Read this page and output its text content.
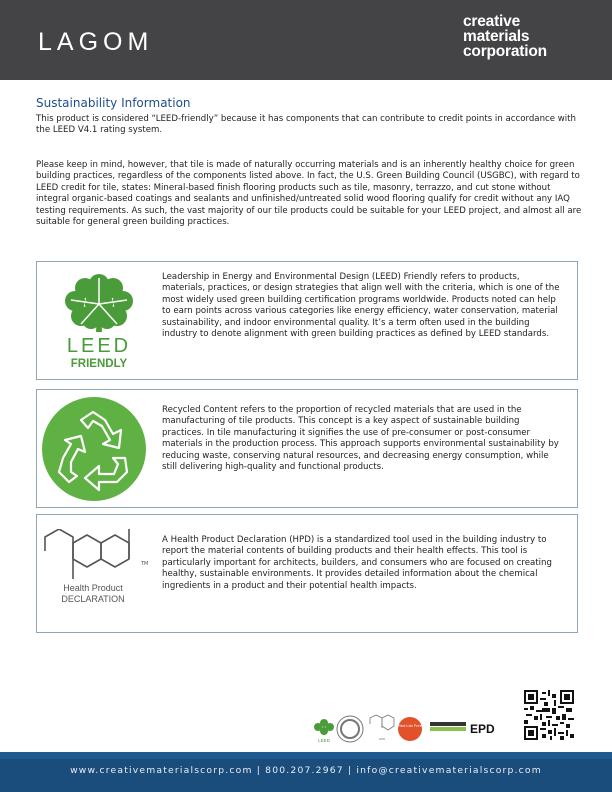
LAGOM
creative
materials
corporation
Sustainability Information
This product is considered “LEED-friendly” because it has components that can contribute to credit points in accordance with the LEED V4.1 rating system.
Please keep in mind, however, that tile is made of naturally occurring materials and is an inherently healthy choice for green building practices, regardless of the components listed above. In fact, the U.S. Green Building Council (USGBC), with regard to LEED credit for tile, states: Mineral-based finish flooring products such as tile, masonry, terrazzo, and cut stone without integral organic-based coatings and sealants and unfinished/untreated solid wood flooring qualify for credit without any IAQ testing requirements. As such, the vast majority of our tile products could be suitable for your LEED project, and almost all are suitable for general green building practices.
LEED
FRIENDLY
Leadership in Energy and Environmental Design (LEED) Friendly refers to products, materials, practices, or design strategies that align well with the criteria, which is one of the most widely used green building certification programs worldwide. Products noted can help to earn points across various categories like energy efficiency, water conservation, material sustainability, and indoor environmental quality. It’s a term often used in the building industry to denote alignment with green building practices as defined by LEED standards.
Recycled Content refers to the proportion of recycled materials that are used in the manufacturing of tile products. This concept is a key aspect of sustainable building practices. In tile manufacturing it signifies the use of pre-consumer or post-consumer materials in the production process. This approach supports environmental sustainability by reducing waste, conserving natural resources, and decreasing energy consumption, while still delivering high-quality and functional products.
TM
Health Product
DECLARATION
A Health Product Declaration (HPD) is a standardized tool used in the building industry to report the material contents of building products and their health effects. This tool is particularly important for architects, builders, and consumers who are focused on creating healthy, sustainable environments. It provides detailed information about the chemical ingredients in a product and their potential health impacts.
LEED	HPD
Red List Free	EPD
www.creativematerialscorp.com | 800.207.2967 | info@creativematerialscorp.com
